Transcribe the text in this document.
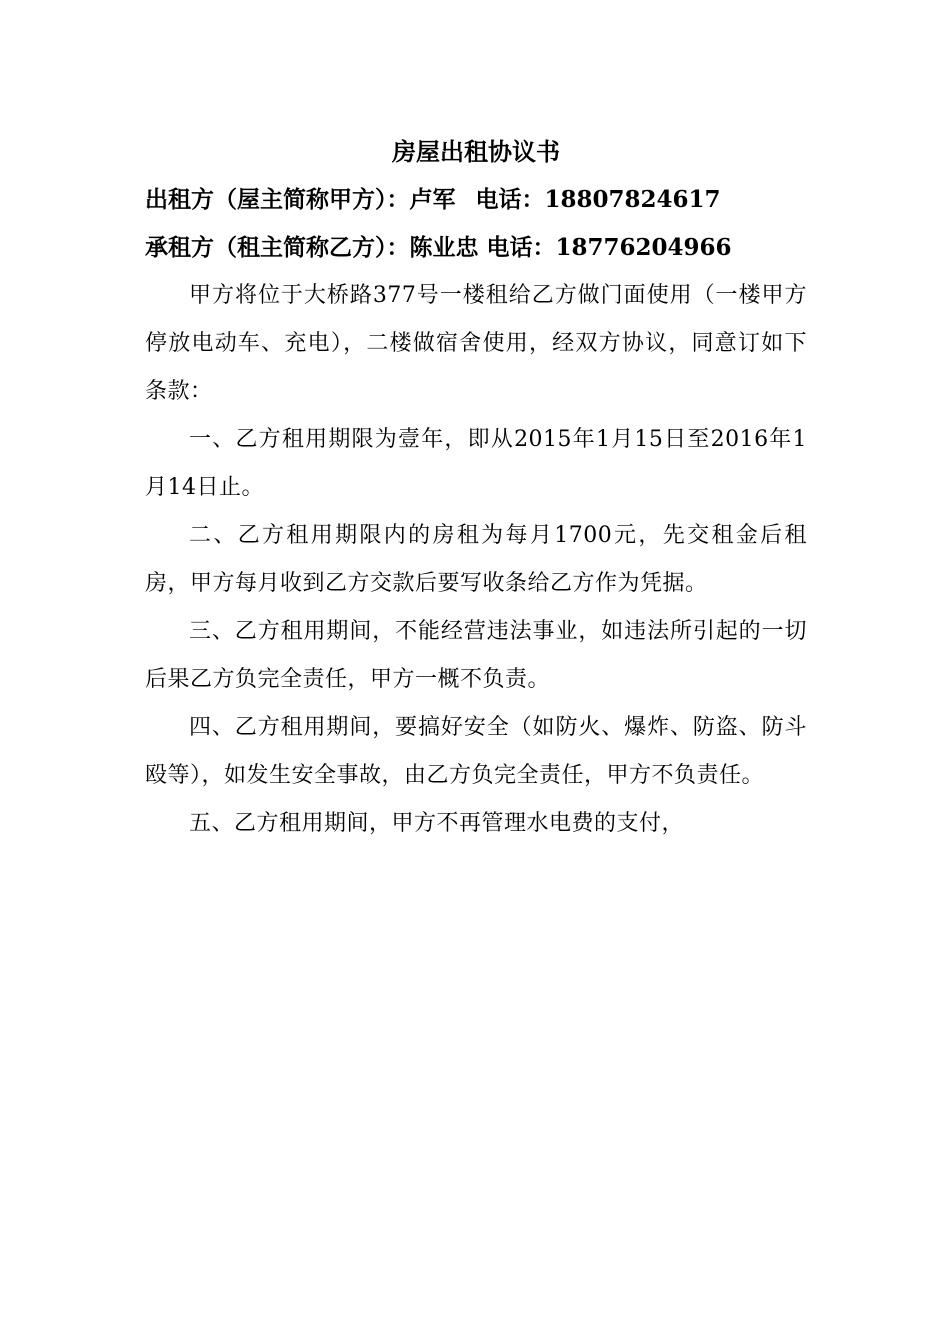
房屋出租协议书

出租方（屋主简称甲方）：卢军 电话：18807824617

承租方（租主简称乙方）：陈业忠 电话：18776204966

甲方将位于大桥路377号一楼租给乙方做门面使用（一楼甲方停放电动车、充电），二楼做宿舍使用，经双方协议，同意订如下条款：

一、乙方租用期限为壹年，即从2015年1月15日至2016年1月14日止。

二、乙方租用期限内的房租为每月1700元，先交租金后租房，甲方每月收到乙方交款后要写收条给乙方作为凭据。

三、乙方租用期间，不能经营违法事业，如违法所引起的一切后果乙方负完全责任，甲方一概不负责。

四、乙方租用期间，要搞好安全（如防火、爆炸、防盗、防斗殴等），如发生安全事故，由乙方负完全责任，甲方不负责任。

五、乙方租用期间，甲方不再管理水电费的支付，
